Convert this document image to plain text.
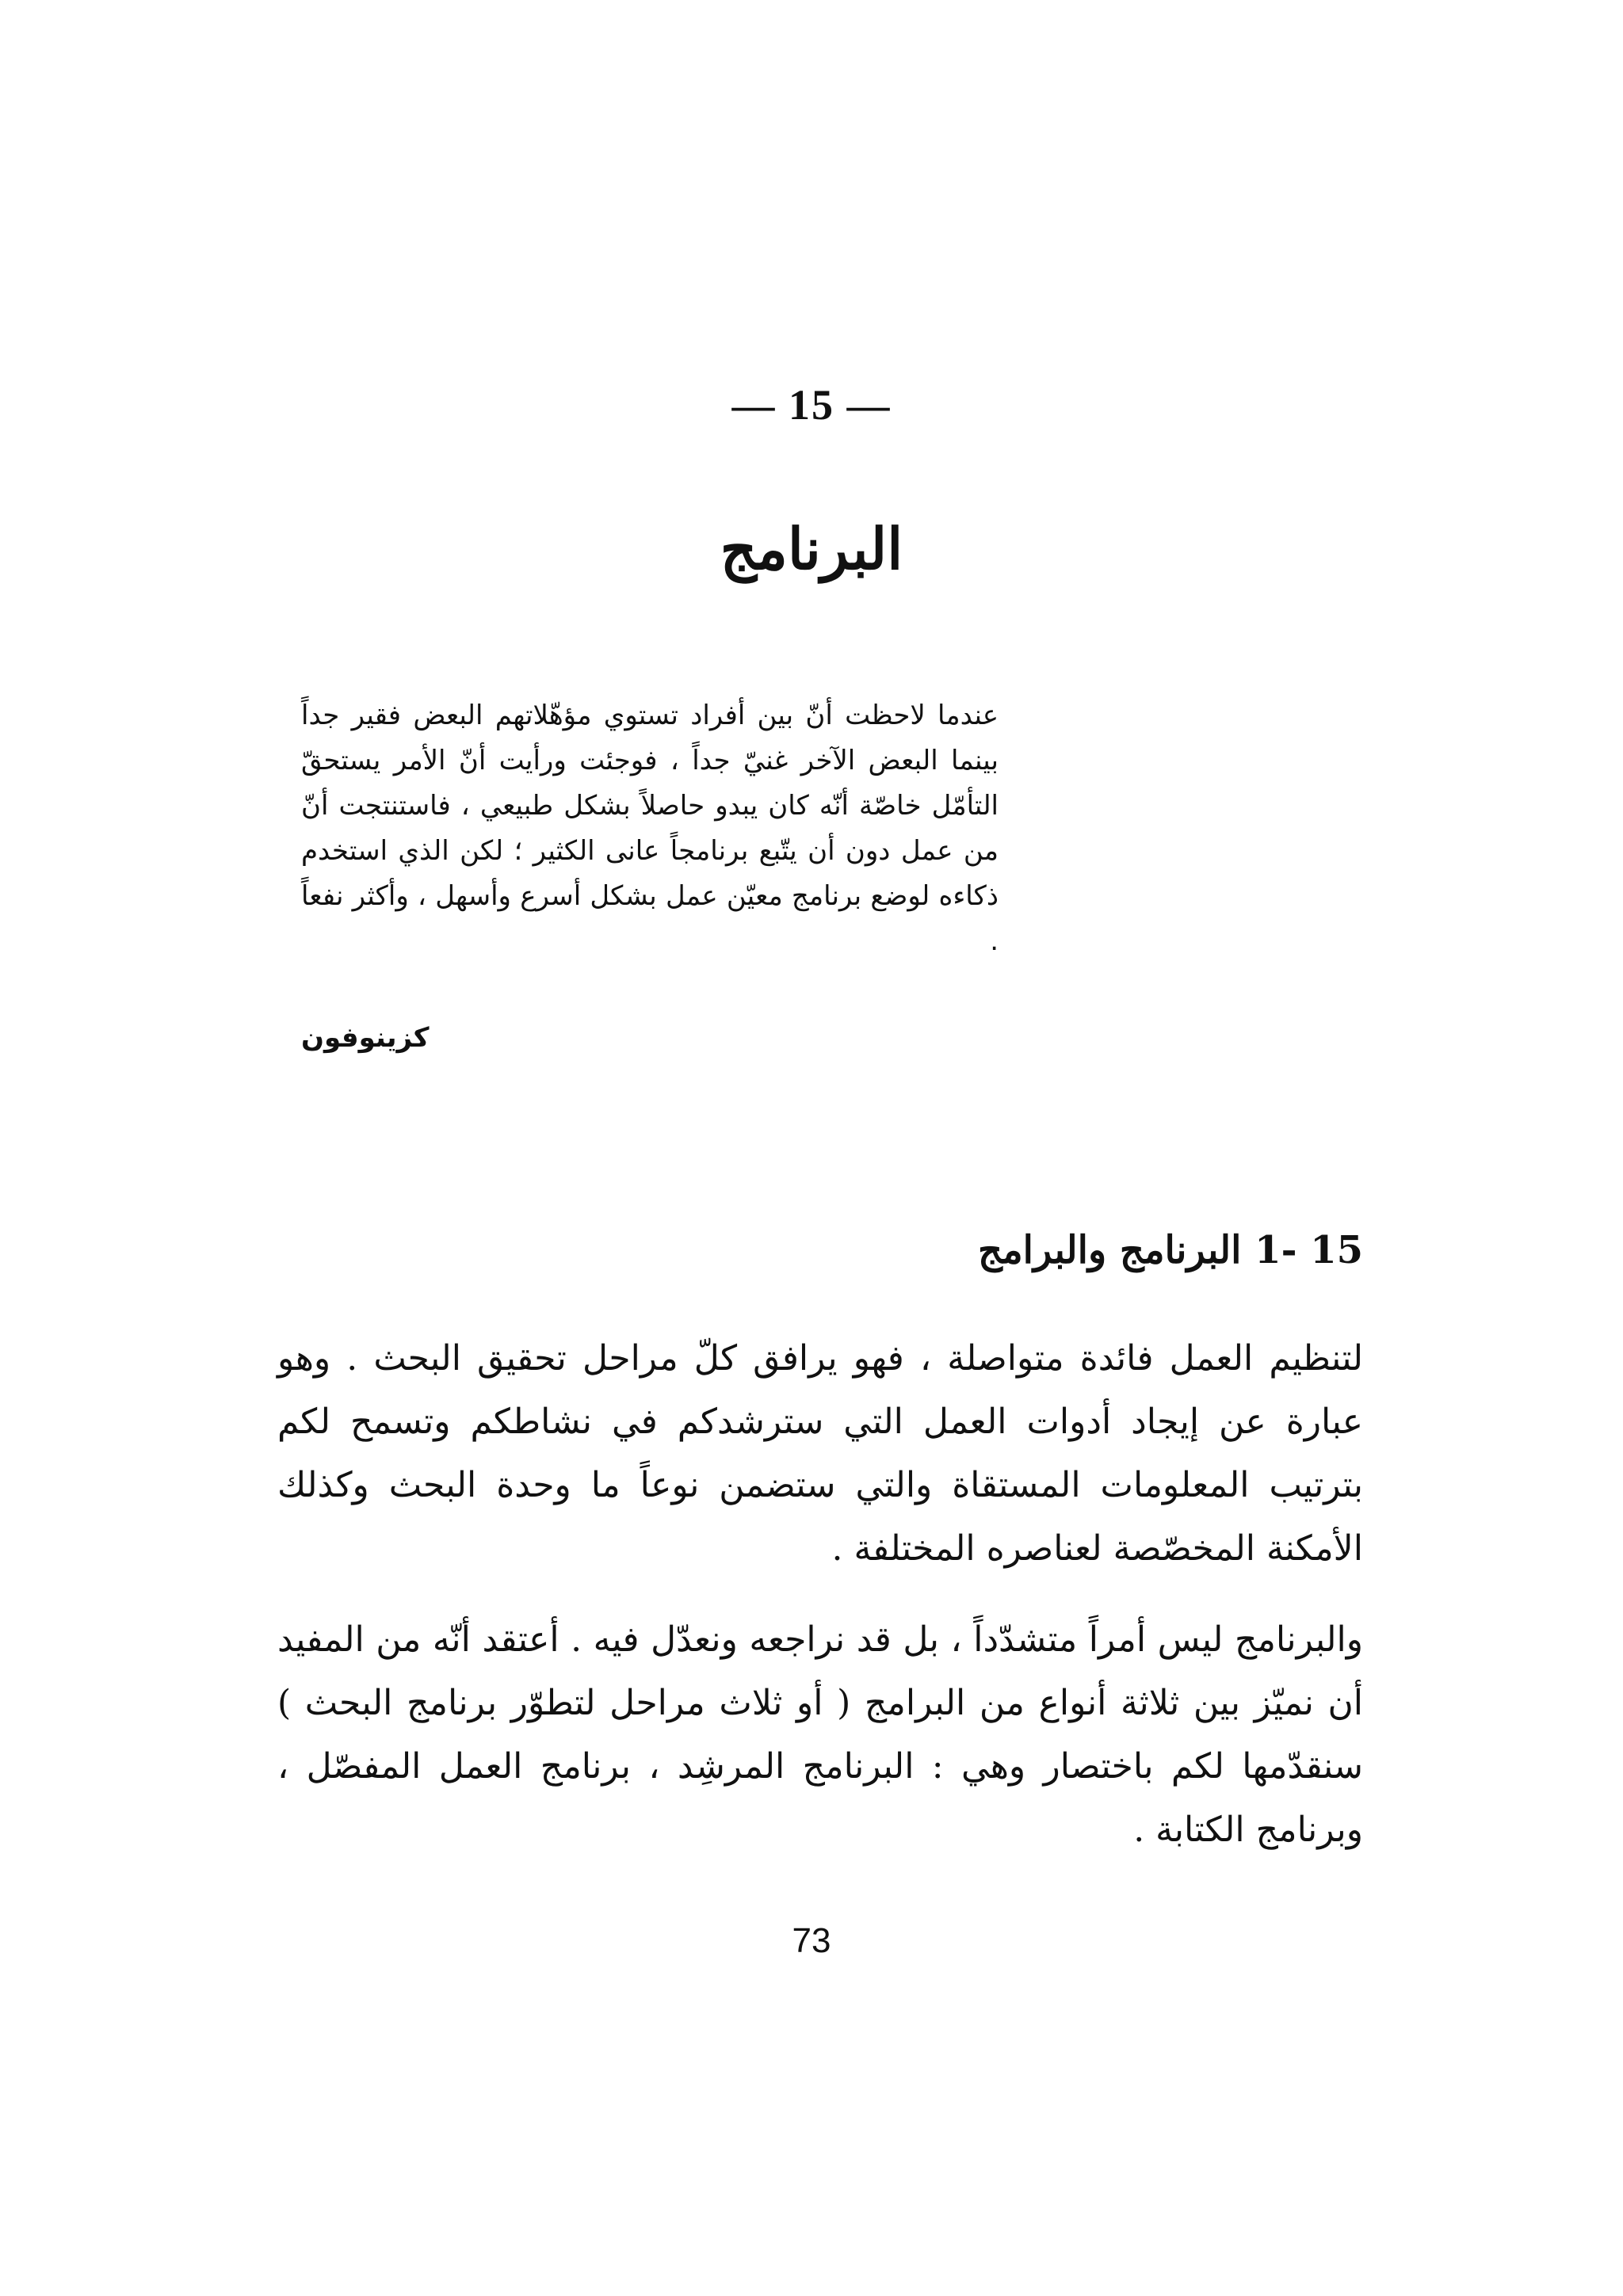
— 15 —
البرنامج
عندما لاحظت أنّ بين أفراد تستوي مؤهّلاتهم البعض فقير جداً بينما البعض الآخر غنيّ جداً ، فوجئت ورأيت أنّ الأمر يستحقّ التأمّل خاصّة أنّه كان يبدو حاصلاً بشكل طبيعي ، فاستنتجت أنّ من عمل دون أن يتّبع برنامجاً عانى الكثير ؛ لكن الذي استخدم ذكاءه لوضع برنامج معيّن عمل بشكل أسرع وأسهل ، وأكثر نفعاً .
كزينوفون
15 -1 البرنامج والبرامج

لتنظيم العمل فائدة متواصلة ، فهو يرافق كلّ مراحل تحقيق البحث . وهو عبارة عن إيجاد أدوات العمل التي سترشدكم في نشاطكم وتسمح لكم بترتيب المعلومات المستقاة والتي ستضمن نوعاً ما وحدة البحث وكذلك الأمكنة المخصّصة لعناصره المختلفة .

والبرنامج ليس أمراً متشدّداً ، بل قد نراجعه ونعدّل فيه . أعتقد أنّه من المفيد أن نميّز بين ثلاثة أنواع من البرامج ( أو ثلاث مراحل لتطوّر برنامج البحث ) سنقدّمها لكم باختصار وهي : البرنامج المرشِد ، برنامج العمل المفصّل ، وبرنامج الكتابة .

73
